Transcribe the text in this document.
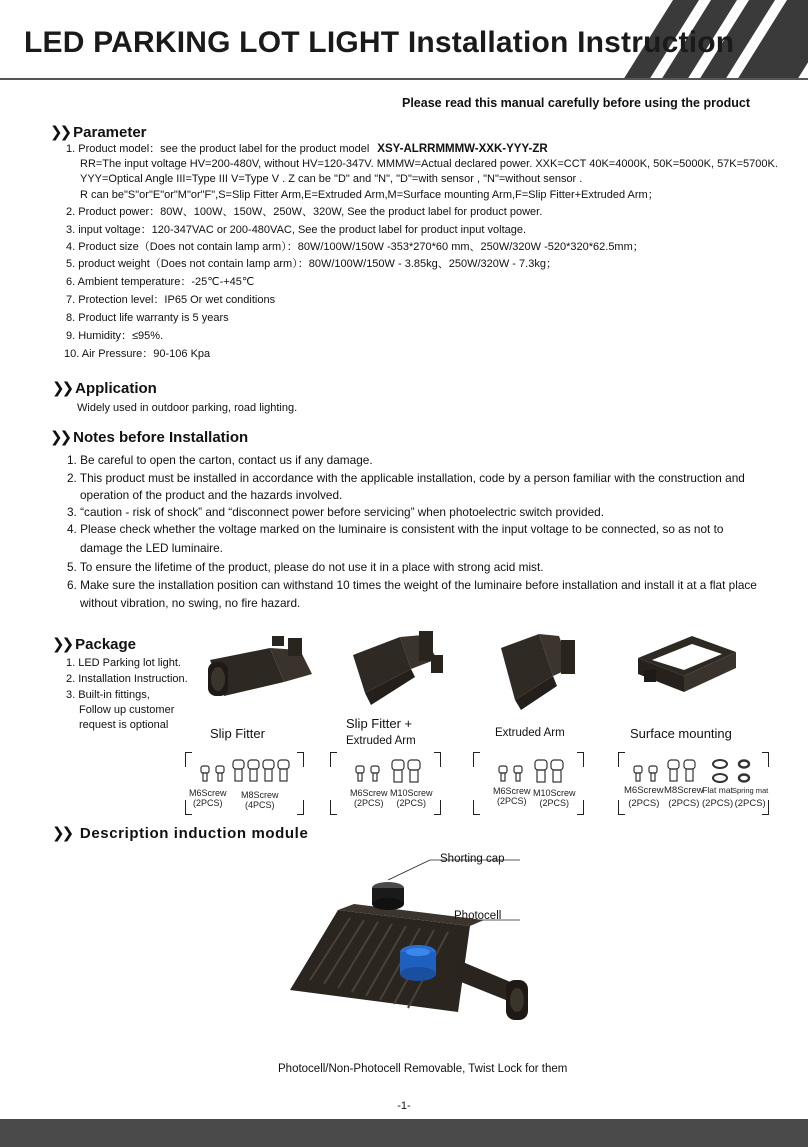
LED PARKING LOT LIGHT Installation Instruction
Please read this manual carefully before using the product
❯❯ Parameter
1. Product model：see the product label for the product model XSY-ALRRMMMW-XXK-YYY-ZR
RR=The input voltage HV=200-480V, without HV=120-347V. MMMW=Actual declared power. XXK=CCT 40K=4000K, 50K=5000K, 57K=5700K.
YYY=Optical Angle III=Type III V=Type V . Z can be "D" and "N", "D"=with sensor , "N"=without sensor .
R can be"S"or"E"or"M"or"F",S=Slip Fitter Arm,E=Extruded Arm,M=Surface mounting Arm,F=Slip Fitter+Extruded Arm；
2. Product power：80W、100W、150W、250W、320W, See the product label for product power.
3. input voltage：120-347VAC or 200-480VAC, See the product label for product input voltage.
4. Product size（Does not contain lamp arm）：80W/100W/150W -353*270*60 mm、250W/320W -520*320*62.5mm；
5. product weight（Does not contain lamp arm）：80W/100W/150W - 3.85kg、250W/320W - 7.3kg；
6. Ambient temperature：-25℃-+45℃
7. Protection level：IP65 Or wet conditions
8. Product life warranty is 5 years
9. Humidity：≤95%.
10. Air Pressure：90-106 Kpa
❯❯ Application
Widely used in outdoor parking, road lighting.
❯❯ Notes before Installation
1. Be careful to open the carton, contact us if any damage.
2. This product must be installed in accordance with the applicable installation, code by a person familiar with the construction and
operation of the product and the hazards involved.
3. “caution - risk of shock” and “disconnect power before servicing” when photoelectric switch provided.
4. Please check whether the voltage marked on the luminaire is consistent with the input voltage to be connected, so as not to
damage the LED luminaire.
5. To ensure the lifetime of the product, please do not use it in a place with strong acid mist.
6. Make sure the installation position can withstand 10 times the weight of the luminaire before installation and install it at a flat place
without vibration, no swing, no fire hazard.
❯❯ Package
1. LED Parking lot light.
2. Installation Instruction.
3. Built-in fittings,
Follow up customer
request is optional
Slip Fitter
Slip Fitter +
Extruded Arm
Extruded Arm	Surface mounting
M6Screw
(2PCS)
M8Screw
(4PCS)
M6Screw
(2PCS)
M10Screw
(2PCS)
M6Screw
(2PCS)
M10Screw
(2PCS)
M6Screw
(2PCS)
M8Screw
(2PCS)
Flat mat
(2PCS)
Spring mat
(2PCS)
❯❯ Description induction module
Shorting cap
Photocell
Photocell/Non-Photocell Removable, Twist Lock for them
-1-
